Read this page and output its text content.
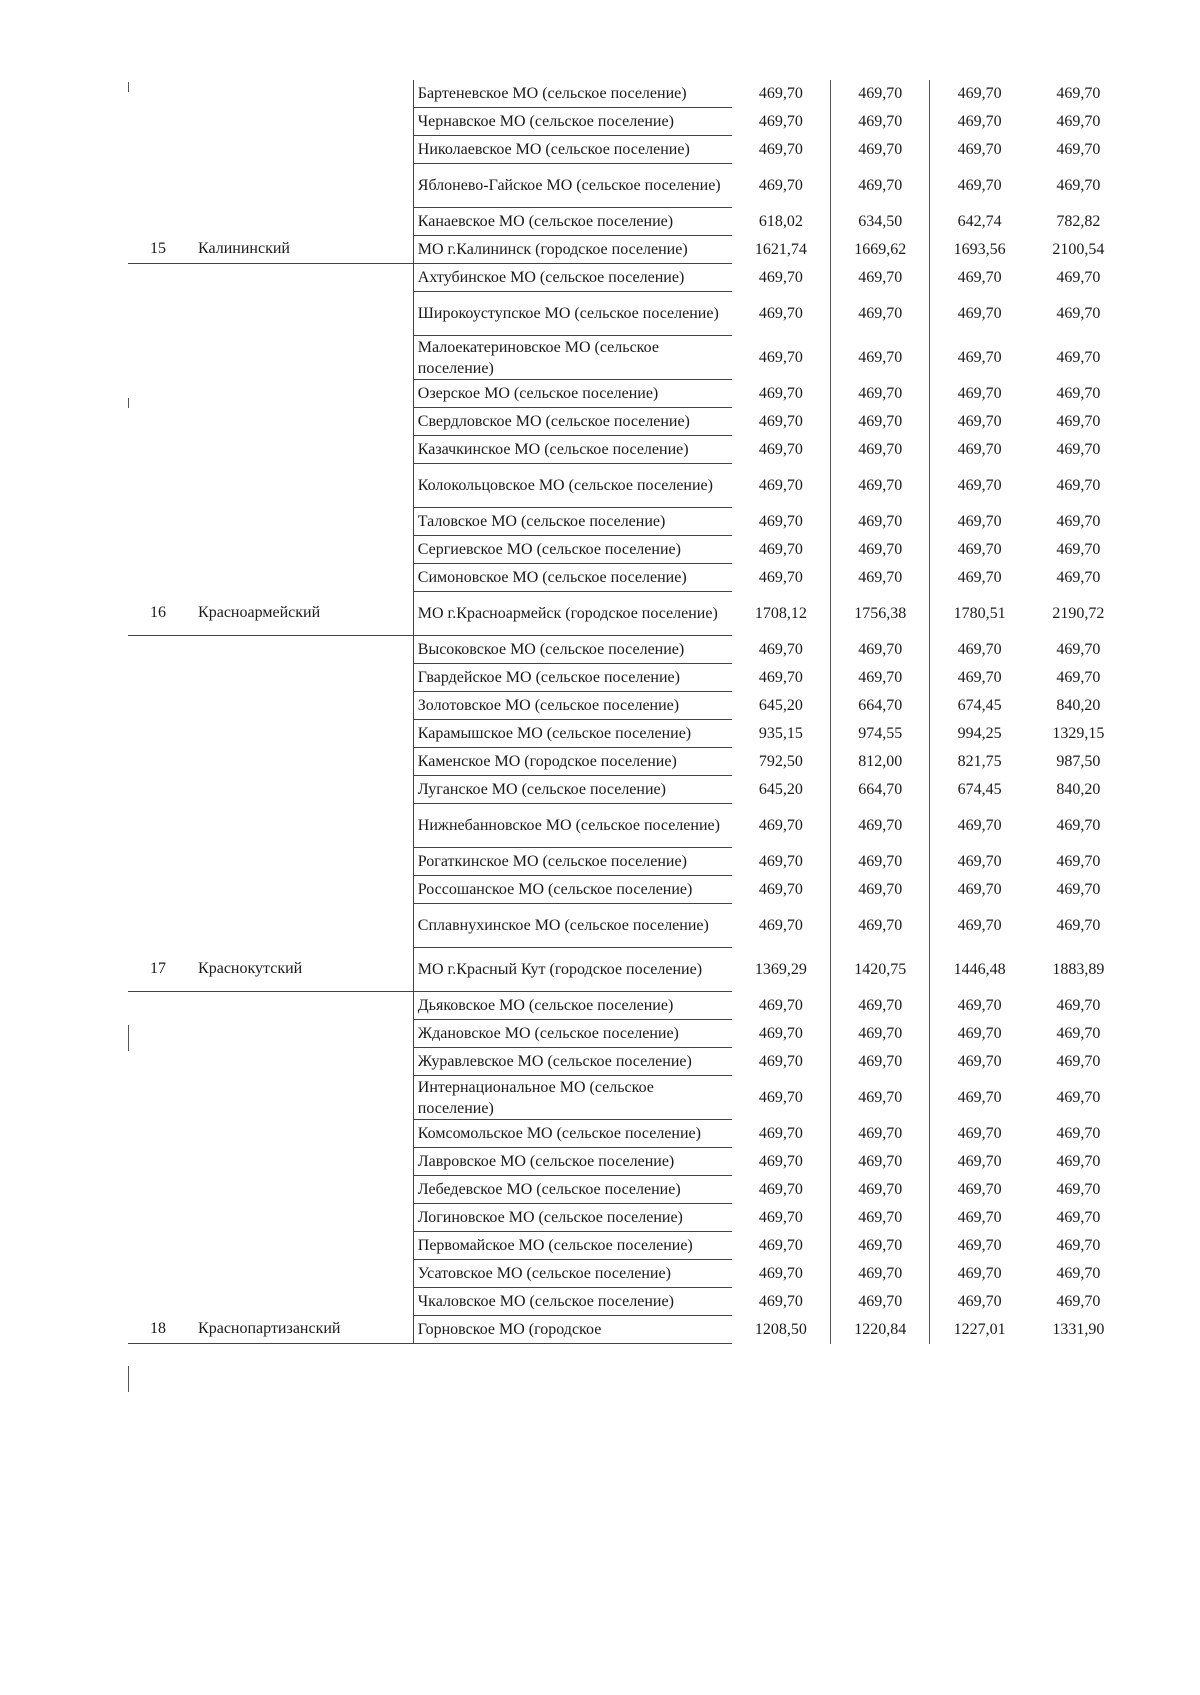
		Бартеневское МО (сельское поселение)	469,70	469,70	469,70	469,70
		Чернавское МО (сельское поселение)	469,70	469,70	469,70	469,70
		Николаевское МО (сельское поселение)	469,70	469,70	469,70	469,70
		Яблонево-Гайское МО (сельское поселение)	469,70	469,70	469,70	469,70
		Канаевское МО (сельское поселение)	618,02	634,50	642,74	782,82
15	Калининский	МО г.Калининск (городское поселение)	1621,74	1669,62	1693,56	2100,54
		Ахтубинское МО (сельское поселение)	469,70	469,70	469,70	469,70
		Широкоуступское МО (сельское поселение)	469,70	469,70	469,70	469,70
		Малоекатериновское МО (сельское поселение)	469,70	469,70	469,70	469,70
		Озерское МО (сельское поселение)	469,70	469,70	469,70	469,70
		Свердловское МО (сельское поселение)	469,70	469,70	469,70	469,70
		Казачкинское МО (сельское поселение)	469,70	469,70	469,70	469,70
		Колокольцовское МО (сельское поселение)	469,70	469,70	469,70	469,70
		Таловское МО (сельское поселение)	469,70	469,70	469,70	469,70
		Сергиевское МО (сельское поселение)	469,70	469,70	469,70	469,70
		Симоновское МО (сельское поселение)	469,70	469,70	469,70	469,70
16	Красноармейский	МО г.Красноармейск (городское поселение)	1708,12	1756,38	1780,51	2190,72
		Высоковское МО (сельское поселение)	469,70	469,70	469,70	469,70
		Гвардейское МО (сельское поселение)	469,70	469,70	469,70	469,70
		Золотовское МО (сельское поселение)	645,20	664,70	674,45	840,20
		Карамышское МО (сельское поселение)	935,15	974,55	994,25	1329,15
		Каменское МО (городское поселение)	792,50	812,00	821,75	987,50
		Луганское МО (сельское поселение)	645,20	664,70	674,45	840,20
		Нижнебанновское МО (сельское поселение)	469,70	469,70	469,70	469,70
		Рогаткинское МО (сельское поселение)	469,70	469,70	469,70	469,70
		Россошанское МО (сельское поселение)	469,70	469,70	469,70	469,70
		Сплавнухинское МО (сельское поселение)	469,70	469,70	469,70	469,70
17	Краснокутский	МО г.Красный Кут (городское поселение)	1369,29	1420,75	1446,48	1883,89
		Дьяковское МО (сельское поселение)	469,70	469,70	469,70	469,70
		Ждановское МО (сельское поселение)	469,70	469,70	469,70	469,70
		Журавлевское МО (сельское поселение)	469,70	469,70	469,70	469,70
		Интернациональное МО (сельское поселение)	469,70	469,70	469,70	469,70
		Комсомольское МО (сельское поселение)	469,70	469,70	469,70	469,70
		Лавровское МО (сельское поселение)	469,70	469,70	469,70	469,70
		Лебедевское МО (сельское поселение)	469,70	469,70	469,70	469,70
		Логиновское МО (сельское поселение)	469,70	469,70	469,70	469,70
		Первомайское МО (сельское поселение)	469,70	469,70	469,70	469,70
		Усатовское МО (сельское поселение)	469,70	469,70	469,70	469,70
		Чкаловское МО (сельское поселение)	469,70	469,70	469,70	469,70
18	Краснопартизанский	Горновское МО (городское	1208,50	1220,84	1227,01	1331,90
